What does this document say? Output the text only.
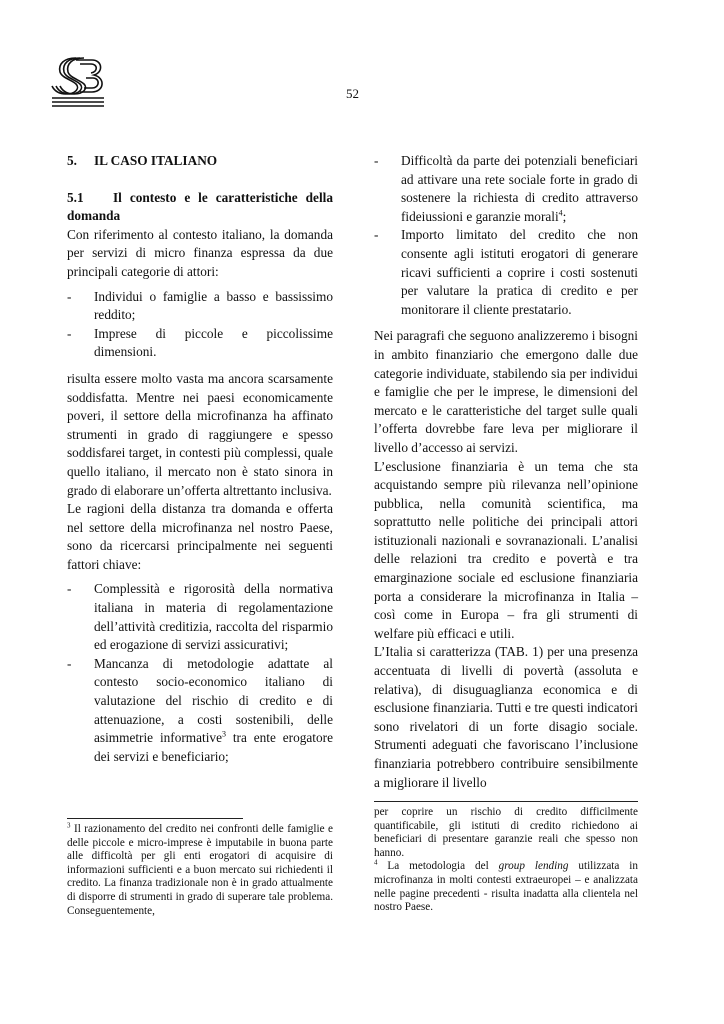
SB
52
5. IL CASO ITALIANO
5.1 Il contesto e le caratteristiche della domanda

Con riferimento al contesto italiano, la domanda per servizi di micro finanza espressa da due principali categorie di attori:

- Individui o famiglie a basso e bassissimo reddito;
- Imprese di piccole e piccolissime dimensioni.

risulta essere molto vasta ma ancora scarsamente soddisfatta. Mentre nei paesi economicamente poveri, il settore della microfinanza ha affinato strumenti in grado di raggiungere e spesso soddisfarei target, in contesti più complessi, quale quello italiano, il mercato non è stato sinora in grado di elaborare un’offerta altrettanto inclusiva.

Le ragioni della distanza tra domanda e offerta nel settore della microfinanza nel nostro Paese, sono da ricercarsi principalmente nei seguenti fattori chiave:

- Complessità e rigorosità della normativa italiana in materia di regolamentazione dell’attività creditizia, raccolta del risparmio ed erogazione di servizi assicurativi;
- Mancanza di metodologie adattate al contesto socio-economico italiano di valutazione del rischio di credito e di attenuazione, a costi sostenibili, delle asimmetrie informative$^3$ tra ente erogatore dei servizi e beneficiario;
- Difficoltà da parte dei potenziali beneficiari ad attivare una rete sociale forte in grado di sostenere la richiesta di credito attraverso fideiussioni e garanzie morali$^4$;
- Importo limitato del credito che non consente agli istituti erogatori di generare ricavi sufficienti a coprire i costi sostenuti per valutare la pratica di credito e per monitorare il cliente prestatario.

Nei paragrafi che seguono analizzeremo i bisogni in ambito finanziario che emergono dalle due categorie individuate, stabilendo sia per individui e famiglie che per le imprese, le dimensioni del mercato e le caratteristiche del target sulle quali l’offerta dovrebbe fare leva per migliorare il livello d’accesso ai servizi.

L’esclusione finanziaria è un tema che sta acquistando sempre più rilevanza nell’opinione pubblica, nella comunità scientifica, ma soprattutto nelle politiche dei principali attori istituzionali nazionali e sovranazionali. L’analisi delle relazioni tra credito e povertà e tra emarginazione sociale ed esclusione finanziaria porta a considerare la microfinanza in Italia – così come in Europa – fra gli strumenti di welfare più efficaci e utili.

L’Italia si caratterizza (TAB. 1) per una presenza accentuata di livelli di povertà (assoluta e relativa), di disuguaglianza economica e di esclusione finanziaria. Tutti e tre questi indicatori sono rivelatori di un forte disagio sociale. Strumenti adeguati che favoriscano l’inclusione finanziaria potrebbero contribuire sensibilmente a migliorare il livello

$^3$ Il razionamento del credito nei confronti delle famiglie e delle piccole e micro-imprese è imputabile in buona parte alle difficoltà per gli enti erogatori di acquisire di informazioni sufficienti e a buon mercato sui richiedenti il credito. La finanza tradizionale non è in grado attualmente di disporre di strumenti in grado di superare tale problema. Conseguentemente,

per coprire un rischio di credito difficilmente quantificabile, gli istituti di credito richiedono ai beneficiari di presentare garanzie reali che spesso non hanno.

$^4$ La metodologia del group lending utilizzata in microfinanza in molti contesti extraeuropei – e analizzata nelle pagine precedenti - risulta inadatta alla clientela nel nostro Paese.
